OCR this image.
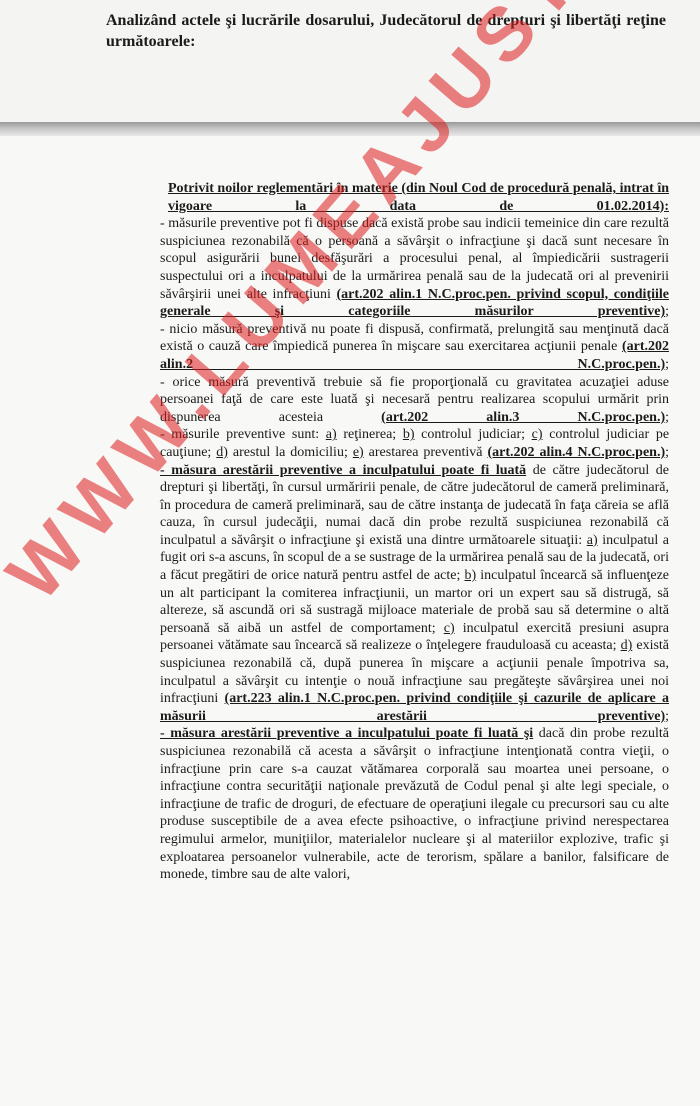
Analizând actele şi lucrările dosarului, Judecătorul de drepturi şi libertăţi reţine următoarele:

Potrivit noilor reglementări în materie (din Noul Cod de procedură penală, intrat în vigoare la data de 01.02.2014):

- măsurile preventive pot fi dispuse dacă există probe sau indicii temeinice din care rezultă suspiciunea rezonabilă că o persoană a săvârşit o infracţiune şi dacă sunt necesare în scopul asigurării bunei desfăşurări a procesului penal, al împiedicării sustragerii suspectului ori a inculpatului de la urmărirea penală sau de la judecată ori al prevenirii săvârşirii unei alte infracţiuni (art.202 alin.1 N.C.proc.pen. privind scopul, condiţiile generale şi categoriile măsurilor preventive);

- nicio măsură preventivă nu poate fi dispusă, confirmată, prelungită sau menţinută dacă există o cauză care împiedică punerea în mişcare sau exercitarea acţiunii penale (art.202 alin.2 N.C.proc.pen.);

- orice măsură preventivă trebuie să fie proporţională cu gravitatea acuzaţiei aduse persoanei faţă de care este luată şi necesară pentru realizarea scopului urmărit prin dispunerea acesteia	(art.202 alin.3 N.C.proc.pen.);

- măsurile preventive sunt: a) reţinerea; b) controlul judiciar; c) controlul judiciar pe cauţiune; d) arestul la domiciliu; e) arestarea preventivă (art.202 alin.4 N.C.proc.pen.);

- măsura arestării preventive a inculpatului poate fi luată de către judecătorul de drepturi şi libertăţi, în cursul urmăririi penale, de către judecătorul de cameră preliminară, în procedura de cameră preliminară, sau de către instanţa de judecată în faţa căreia se află cauza, în cursul judecăţii, numai dacă din probe rezultă suspiciunea rezonabilă că inculpatul a săvârşit o infracţiune şi există una dintre următoarele situaţii: a) inculpatul a fugit ori s-a ascuns, în scopul de a se sustrage de la urmărirea penală sau de la judecată, ori a făcut pregătiri de orice natură pentru astfel de acte; b) inculpatul încearcă să influenţeze un alt participant la comiterea infracţiunii, un martor ori un expert sau să distrugă, să altereze, să ascundă ori să sustragă mijloace materiale de probă sau să determine o altă persoană să aibă un astfel de comportament; c) inculpatul exercită presiuni asupra persoanei vătămate sau încearcă să realizeze o înţelegere frauduloasă cu aceasta; d) există suspiciunea rezonabilă că, după punerea în mişcare a acţiunii penale împotriva sa, inculpatul a săvârşit cu intenţie o nouă infracţiune sau pregăteşte săvârşirea unei noi infracţiuni (art.223 alin.1 N.C.proc.pen. privind condiţiile şi cazurile de aplicare a măsurii arestării preventive);

- măsura arestării preventive a inculpatului poate fi luată şi dacă din probe rezultă suspiciunea rezonabilă că acesta a săvârşit o infracţiune intenţionată contra vieţii, o infracţiune prin care s-a cauzat vătămarea corporală sau moartea unei persoane, o infracţiune contra securităţii naţionale prevăzută de Codul penal şi alte legi speciale, o infracţiune de trafic de droguri, de efectuare de operaţiuni ilegale cu precursori sau cu alte produse susceptibile de a avea efecte psihoactive, o infracţiune privind nerespectarea regimului armelor, muniţiilor, materialelor nucleare şi al materiilor explozive, trafic şi exploatarea persoanelor vulnerabile, acte de terorism, spălare a banilor, falsificare de monede, timbre sau de alte valori,
